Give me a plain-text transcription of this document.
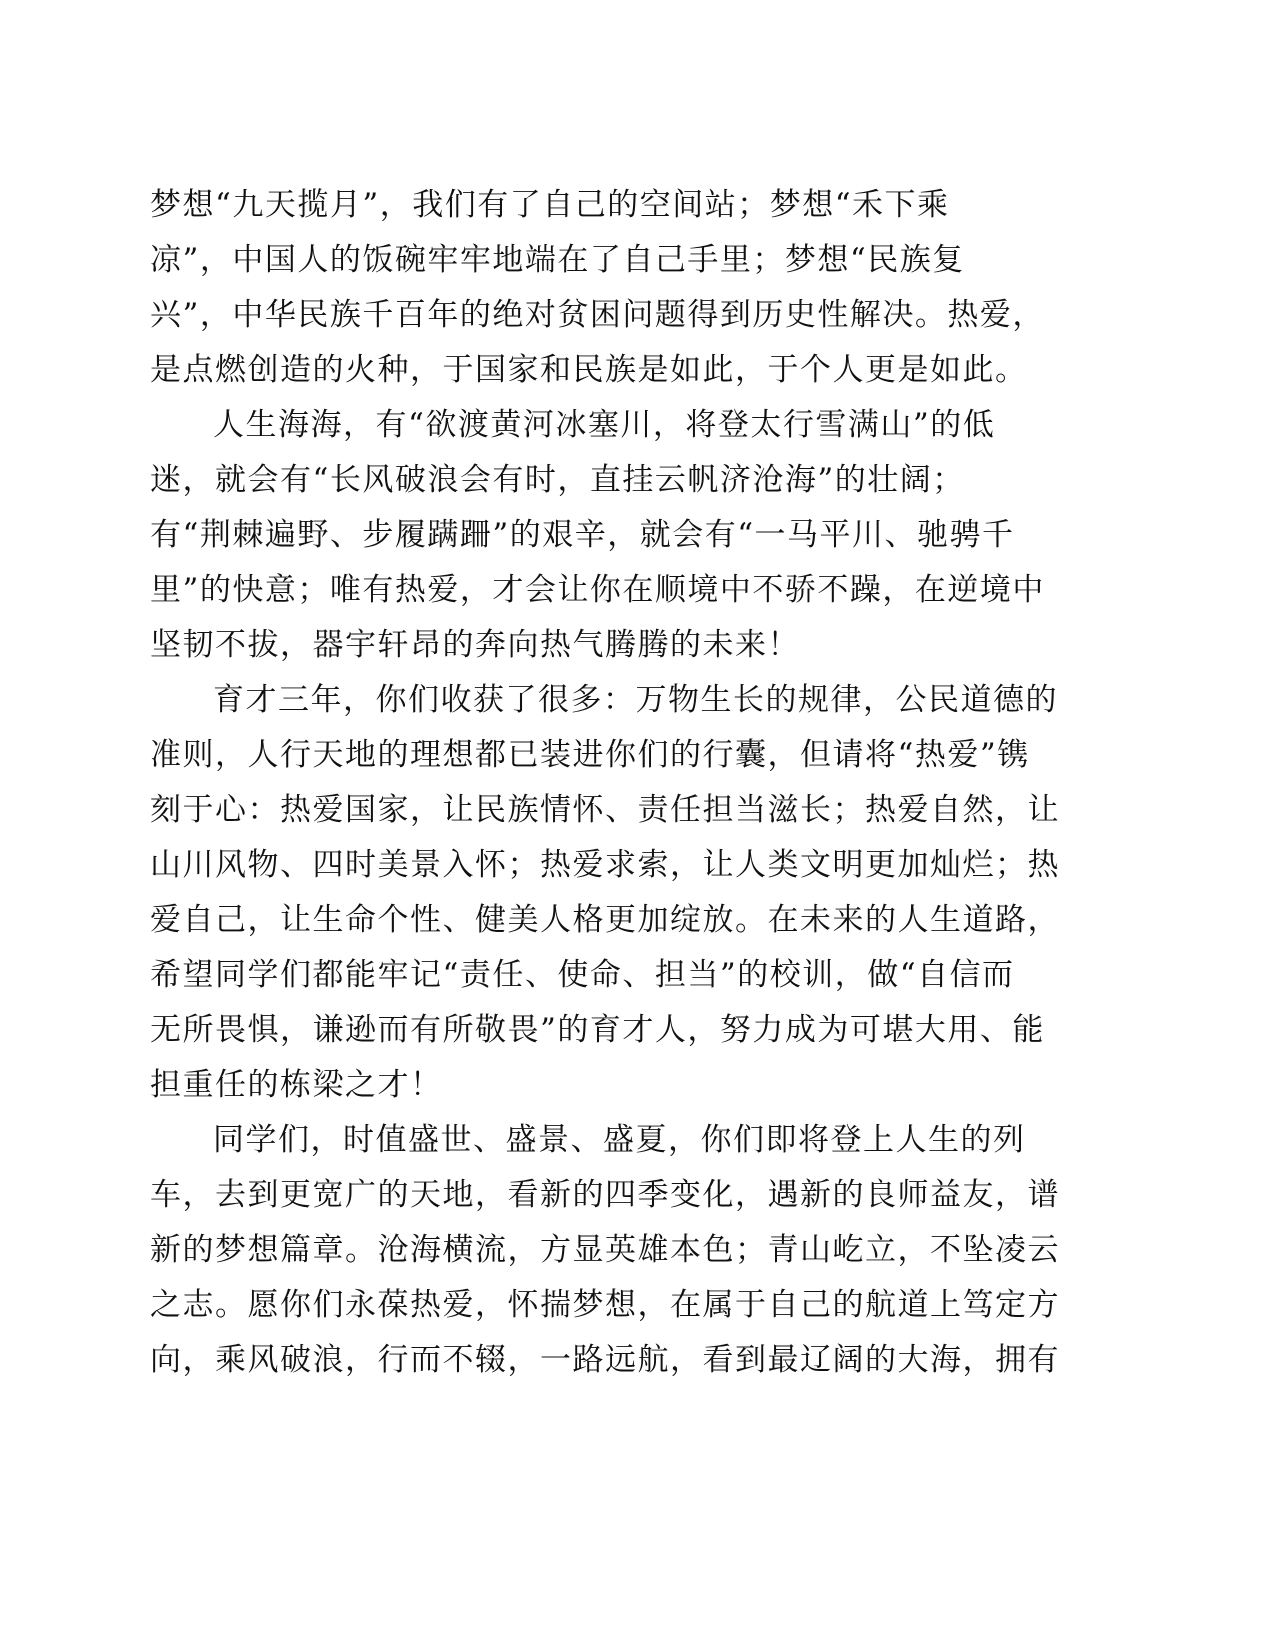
梦想“九天揽月”，我们有了自己的空间站；梦想“禾下乘
凉”，中国人的饭碗牢牢地端在了自己手里；梦想“民族复
兴”，中华民族千百年的绝对贫困问题得到历史性解决。热爱，
是点燃创造的火种，于国家和民族是如此，于个人更是如此。
人生海海，有“欲渡黄河冰塞川，将登太行雪满山”的低
迷，就会有“长风破浪会有时，直挂云帆济沧海”的壮阔；
有“荆棘遍野、步履蹒跚”的艰辛，就会有“一马平川、驰骋千
里”的快意；唯有热爱，才会让你在顺境中不骄不躁，在逆境中
坚韧不拔，器宇轩昂的奔向热气腾腾的未来！
育才三年，你们收获了很多：万物生长的规律，公民道德的
准则，人行天地的理想都已装进你们的行囊，但请将“热爱”镌
刻于心：热爱国家，让民族情怀、责任担当滋长；热爱自然，让
山川风物、四时美景入怀；热爱求索，让人类文明更加灿烂；热
爱自己，让生命个性、健美人格更加绽放。在未来的人生道路，
希望同学们都能牢记“责任、使命、担当”的校训，做“自信而
无所畏惧，谦逊而有所敬畏”的育才人，努力成为可堪大用、能
担重任的栋梁之才！
同学们，时值盛世、盛景、盛夏，你们即将登上人生的列
车，去到更宽广的天地，看新的四季变化，遇新的良师益友，谱
新的梦想篇章。沧海横流，方显英雄本色；青山屹立，不坠凌云
之志。愿你们永葆热爱，怀揣梦想，在属于自己的航道上笃定方
向，乘风破浪，行而不辍，一路远航，看到最辽阔的大海，拥有
